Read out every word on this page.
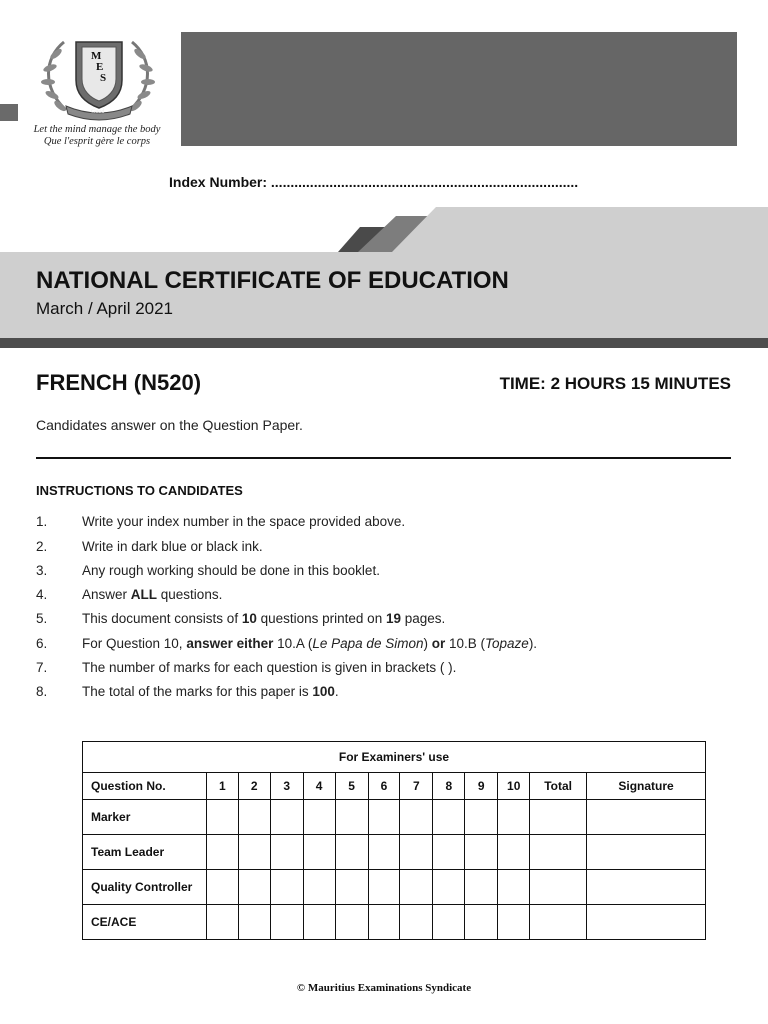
M
E
S
Good
Let the mind manage the body
Que l'esprit gère le corps
Index Number: ...............................................................................
NATIONAL CERTIFICATE OF EDUCATION
March / April 2021
FRENCH (N520)	TIME: 2 HOURS 15 MINUTES
Candidates answer on the Question Paper.
INSTRUCTIONS TO CANDIDATES
1.	Write your index number in the space provided above.
2.	Write in dark blue or black ink.
3.	Any rough working should be done in this booklet.
4.	Answer ALL questions.
5.	This document consists of 10 questions printed on 19 pages.
6.	For Question 10, answer either 10.A (Le Papa de Simon) or 10.B (Topaze).
7.	The number of marks for each question is given in brackets ( ).
8.	The total of the marks for this paper is 100.
For Examiners' use												
Question No.	1	2	3	4	5	6	7	8	9	10	Total	Signature
Marker												
Team Leader												
Quality Controller												
CE/ACE												
© Mauritius Examinations Syndicate
